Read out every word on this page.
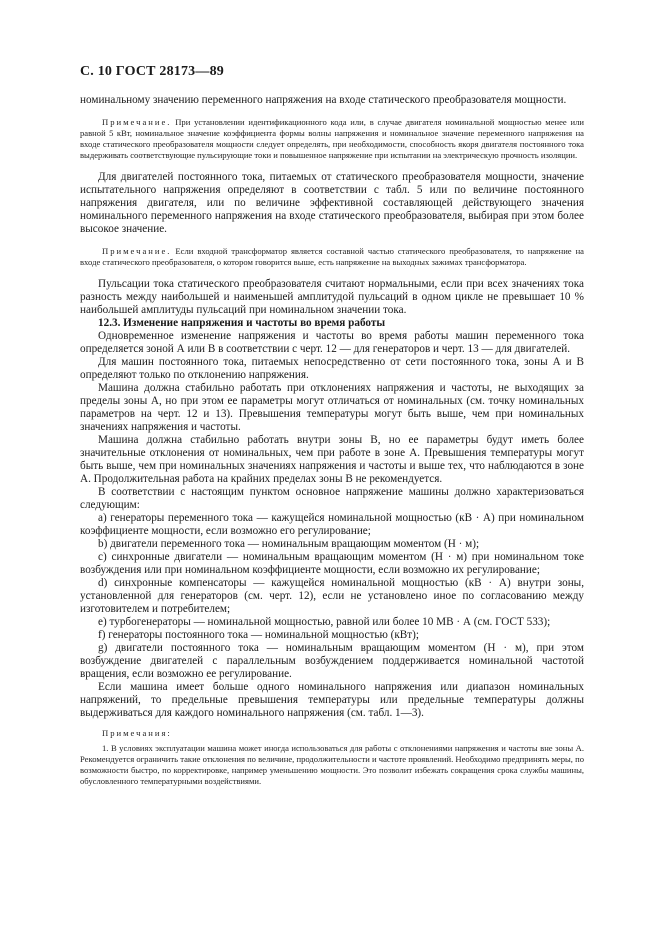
С. 10 ГОСТ 28173—89

номинальному значению переменного напряжения на входе статического преобразователя мощности.

Примечание. При установлении идентификационного кода или, в случае двигателя номинальной мощностью менее или равной 5 кВт, номинальное значение коэффициента формы волны напряжения и номинальное значение переменного напряжения на входе статического преобразователя мощности следует определять, при необходимости, способность якоря двигателя постоянного тока выдерживать соответствующие пульсирующие токи и повышенное напряжение при испытании на электрическую прочность изоляции.

Для двигателей постоянного тока, питаемых от статического преобразователя мощности, значение испытательного напряжения определяют в соответствии с табл. 5 или по величине постоянного напряжения двигателя, или по величине эффективной составляющей действующего значения номинального переменного напряжения на входе статического преобразователя, выбирая при этом более высокое значение.

Примечание. Если входной трансформатор является составной частью статического преобразователя, то напряжение на входе статического преобразователя, о котором говорится выше, есть напряжение на выходных зажимах трансформатора.

Пульсации тока статического преобразователя считают нормальными, если при всех значениях тока разность между наибольшей и наименьшей амплитудой пульсаций в одном цикле не превышает 10 % наибольшей амплитуды пульсаций при номинальном значении тока.

12.3. Изменение напряжения и частоты во время работы

Одновременное изменение напряжения и частоты во время работы машин переменного тока определяется зоной А или В в соответствии с черт. 12 — для генераторов и черт. 13 — для двигателей.

Для машин постоянного тока, питаемых непосредственно от сети постоянного тока, зоны А и В определяют только по отклонению напряжения.

Машина должна стабильно работать при отклонениях напряжения и частоты, не выходящих за пределы зоны А, но при этом ее параметры могут отличаться от номинальных (см. точку номинальных параметров на черт. 12 и 13). Превышения температуры могут быть выше, чем при номинальных значениях напряжения и частоты.

Машина должна стабильно работать внутри зоны В, но ее параметры будут иметь более значительные отклонения от номинальных, чем при работе в зоне А. Превышения температуры могут быть выше, чем при номинальных значениях напряжения и частоты и выше тех, что наблюдаются в зоне А. Продолжительная работа на крайних пределах зоны В не рекомендуется.

В соответствии с настоящим пунктом основное напряжение машины должно характеризоваться следующим:

а) генераторы переменного тока — кажущейся номинальной мощностью (кВ · А) при номинальном коэффициенте мощности, если возможно его регулирование;

b) двигатели переменного тока — номинальным вращающим моментом (Н · м);

с) синхронные двигатели — номинальным вращающим моментом (Н · м) при номинальном токе возбуждения или при номинальном коэффициенте мощности, если возможно их регулирование;

d) синхронные компенсаторы — кажущейся номинальной мощностью (кВ · А) внутри зоны, установленной для генераторов (см. черт. 12), если не установлено иное по согласованию между изготовителем и потребителем;

е) турбогенераторы — номинальной мощностью, равной или более 10 МВ · А (см. ГОСТ 533);

f) генераторы постоянного тока — номинальной мощностью (кВт);

g) двигатели постоянного тока — номинальным вращающим моментом (Н · м), при этом возбуждение двигателей с параллельным возбуждением поддерживается номинальной частотой вращения, если возможно ее регулирование.

Если машина имеет больше одного номинального напряжения или диапазон номинальных напряжений, то предельные превышения температуры или предельные температуры должны выдерживаться для каждого номинального напряжения (см. табл. 1—3).

Примечания:

1. В условиях эксплуатации машина может иногда использоваться для работы с отклонениями напряжения и частоты вне зоны А. Рекомендуется ограничить такие отклонения по величине, продолжительности и частоте проявлений. Необходимо предпринять меры, по возможности быстро, по корректировке, например уменьшению мощности. Это позволит избежать сокращения срока службы машины, обусловленного температурными воздействиями.
